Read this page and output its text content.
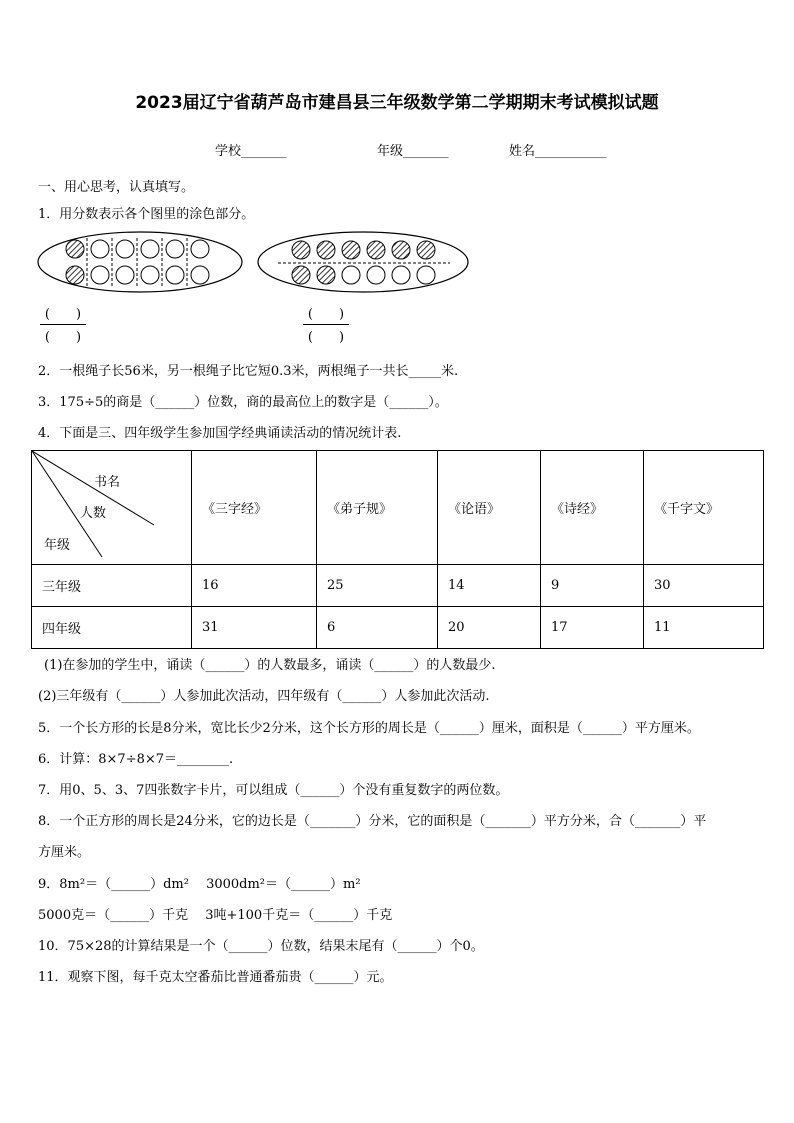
2023届辽宁省葫芦岛市建昌县三年级数学第二学期期末考试模拟试题
学校_______	年级_______	姓名___________
一、用心思考，认真填写。
1．用分数表示各个图里的涂色部分。
(　　)
(　　)
(　　)
(　　)
2．一根绳子长56米，另一根绳子比它短0.3米，两根绳子一共长_____米.
3．175÷5的商是（______）位数，商的最高位上的数字是（______）。
4．下面是三、四年级学生参加国学经典诵读活动的情况统计表.
书名
人数
年级	《三字经》	《弟子规》	《论语》	《诗经》	《千字文》
三年级	16	25	14	9	30
四年级	31	6	20	17	11
(1)在参加的学生中，诵读（______）的人数最多，诵读（______）的人数最少.
(2)三年级有（______）人参加此次活动，四年级有（______）人参加此次活动.
5．一个长方形的长是8分米，宽比长少2分米，这个长方形的周长是（______）厘米，面积是（______）平方厘米。
6．计算：8×7÷8×7＝________.
7．用0、5、3、7四张数字卡片，可以组成（______）个没有重复数字的两位数。
8．一个正方形的周长是24分米，它的边长是（_______）分米，它的面积是（_______）平方分米，合（_______）平
方厘米。
9．8m²＝（______）dm²　 3000dm²＝（______）m²
5000克＝（______）千克　 3吨+100千克＝（______）千克
10．75×28的计算结果是一个（______）位数，结果末尾有（______）个0。
11．观察下图，每千克太空番茄比普通番茄贵（______）元。
